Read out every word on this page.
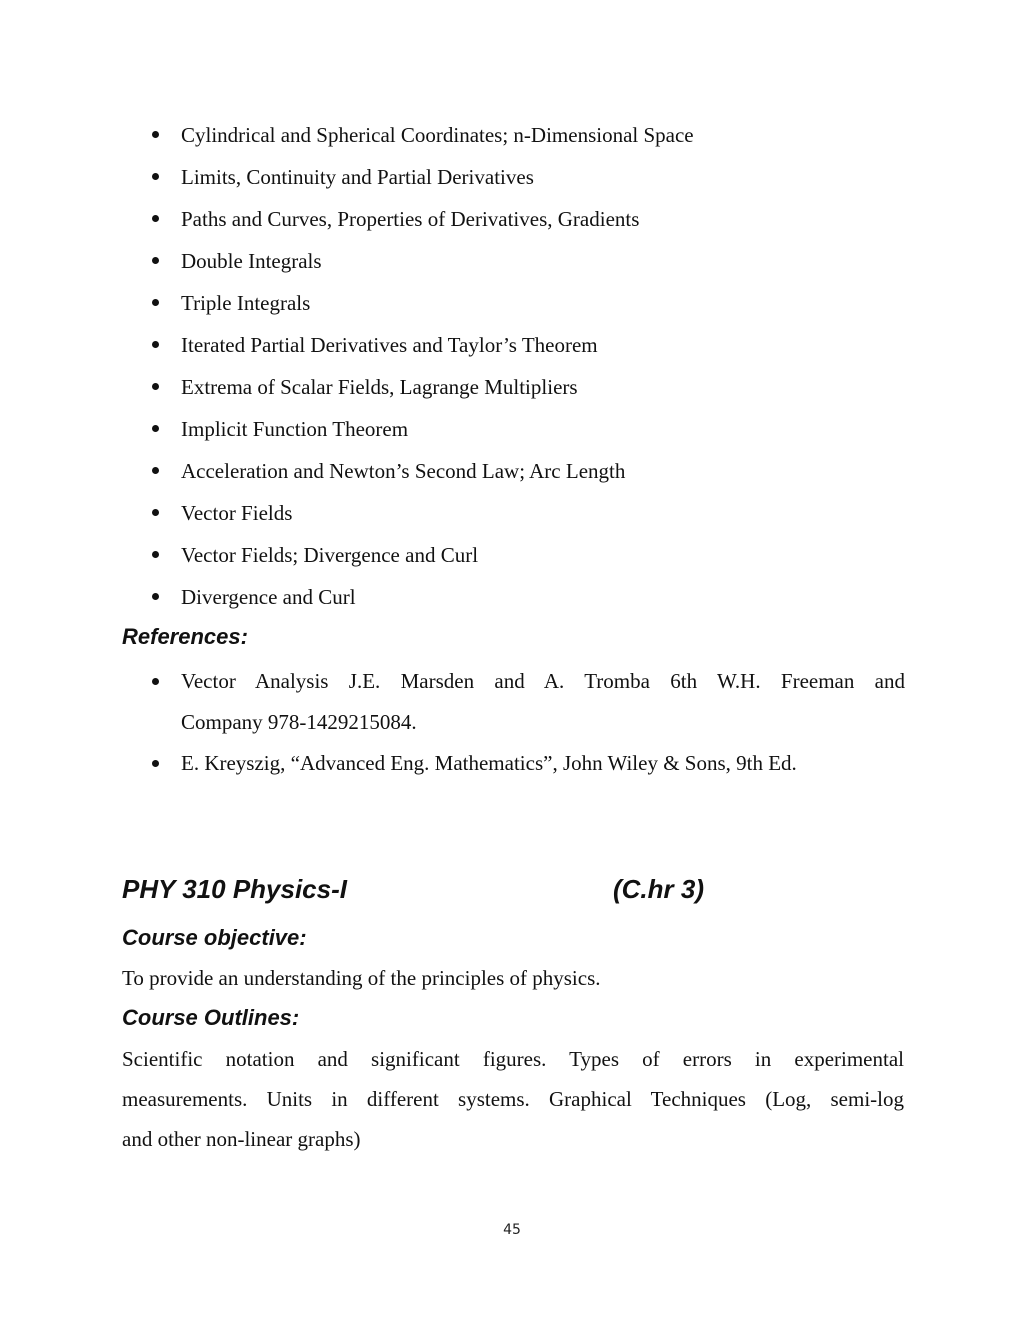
Cylindrical and Spherical Coordinates; n-Dimensional Space
Limits, Continuity and Partial Derivatives
Paths and Curves, Properties of Derivatives, Gradients
Double Integrals
Triple Integrals
Iterated Partial Derivatives and Taylor’s Theorem
Extrema of Scalar Fields, Lagrange Multipliers
Implicit Function Theorem
Acceleration and Newton’s Second Law; Arc Length
Vector Fields
Vector Fields; Divergence and Curl
Divergence and Curl
References:
Vector Analysis J.E. Marsden and A. Tromba 6th W.H. Freeman and
Company 978-1429215084.
E. Kreyszig, “Advanced Eng. Mathematics”, John Wiley & Sons, 9th Ed.
PHY 310 Physics-I	(C.hr 3)
Course objective:
To provide an understanding of the principles of physics.
Course Outlines:
Scientific notation and significant figures. Types of errors in experimental
measurements. Units in different systems. Graphical Techniques (Log, semi-log
and other non-linear graphs)
45
